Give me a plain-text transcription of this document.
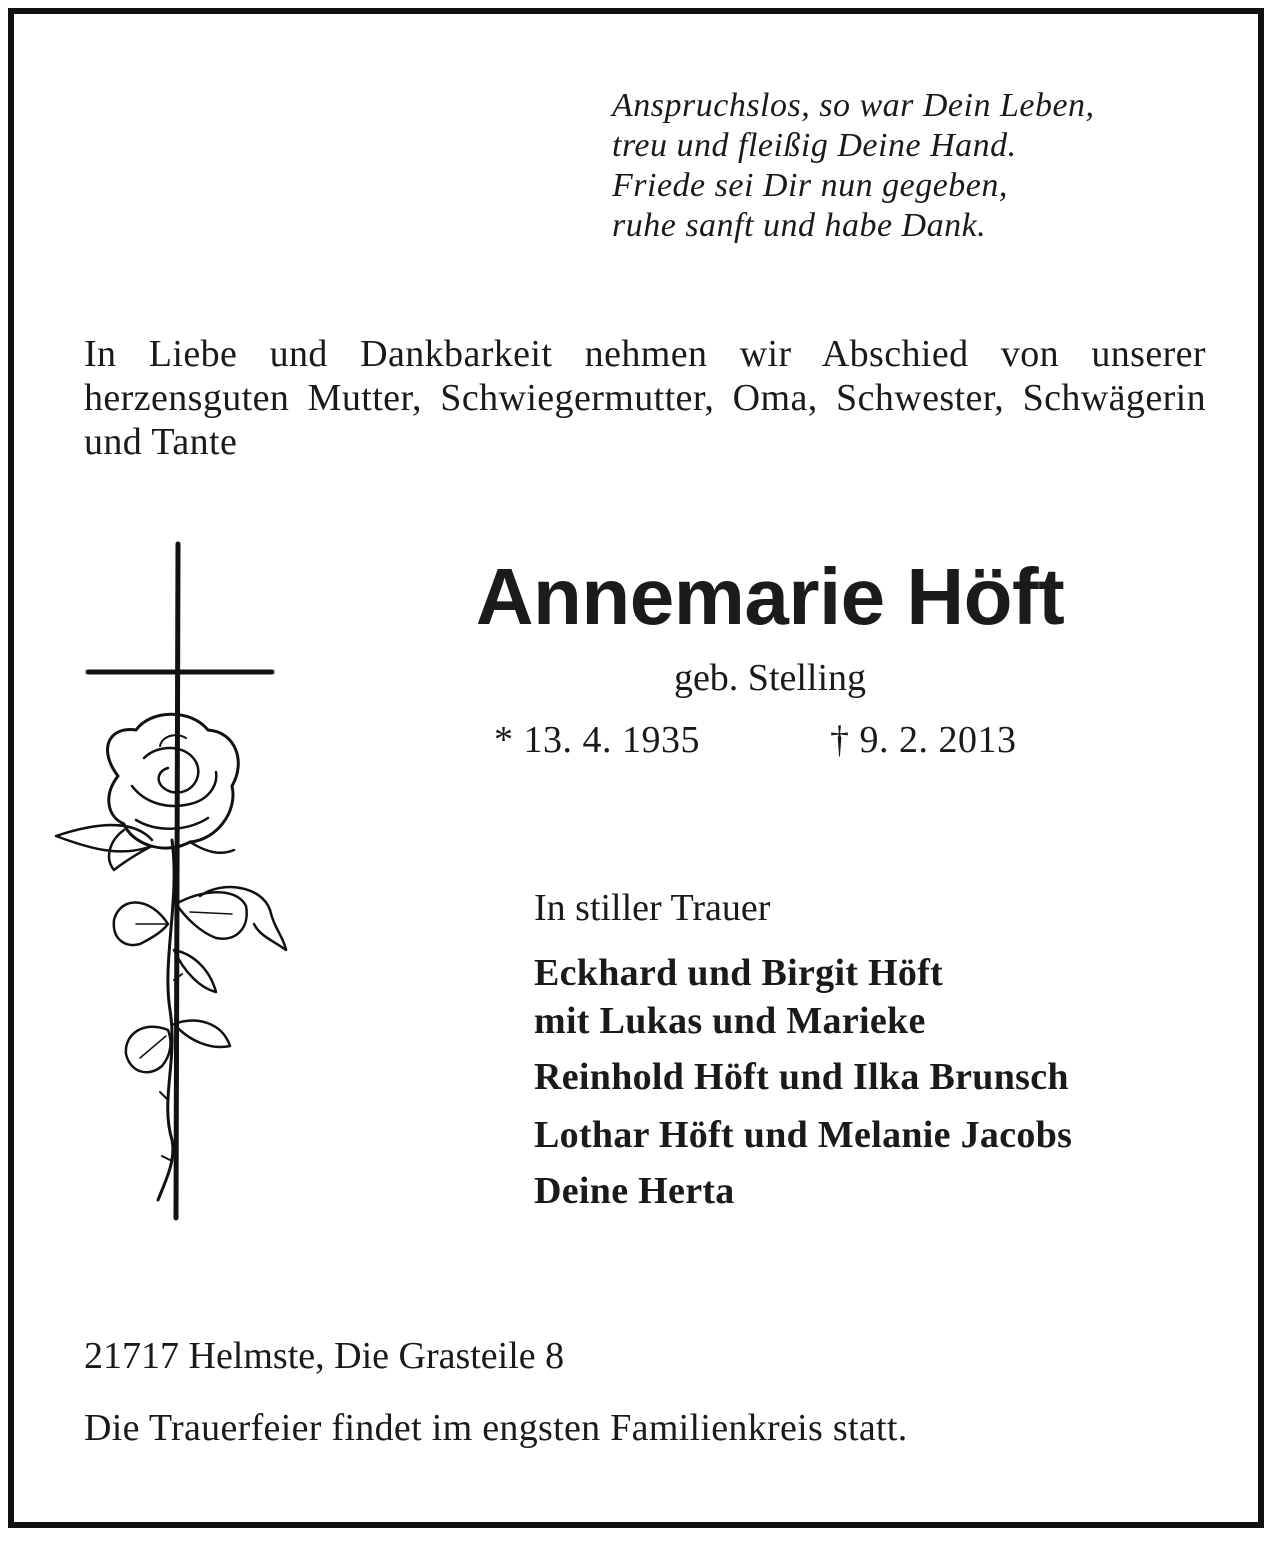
Anspruchslos, so war Dein Leben,
treu und fleißig Deine Hand.
Friede sei Dir nun gegeben,
ruhe sanft und habe Dank.
In Liebe und Dankbarkeit nehmen wir Abschied von unserer herzensguten Mutter, Schwiegermutter, Oma, Schwester, Schwägerin und Tante
Annemarie Höft
geb. Stelling
* 13. 4. 1935	† 9. 2. 2013
In stiller Trauer
Eckhard und Birgit Höft
mit Lukas und Marieke
Reinhold Höft und Ilka Brunsch
Lothar Höft und Melanie Jacobs
Deine Herta
21717 Helmste, Die Grasteile 8
Die Trauerfeier findet im engsten Familienkreis statt.
